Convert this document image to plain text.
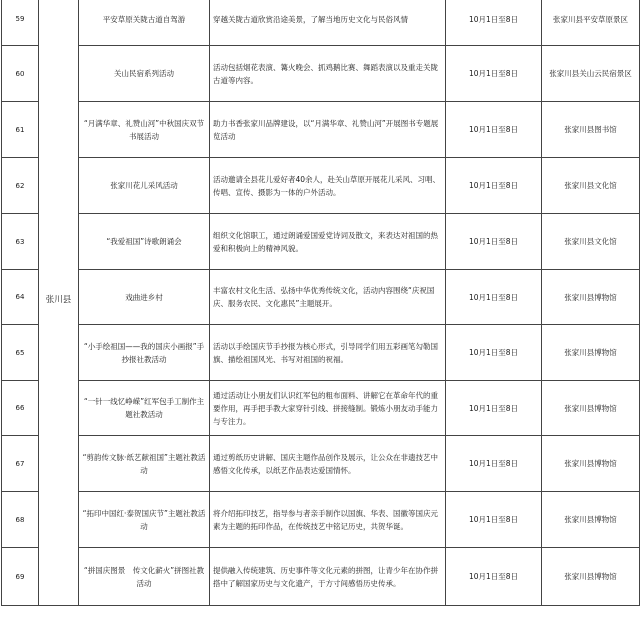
59	张川县	平安草原关陇古道自驾游	穿越关陇古道欣赏沿途美景，了解当地历史文化与民俗风情	10月1日至8日	张家川县平安草原景区
60		关山民宿系列活动	活动包括烟花表演、篝火晚会、抓鸡鹅比赛、舞蹈表演以及重走关陇古道等内容。	10月1日至8日	张家川县关山云民宿景区
61		“月满华章、礼赞山河”中秋国庆双节书展活动	助力书香张家川品牌建设，以“月满华章、礼赞山河”开展图书专题展览活动	10月1日至8日	张家川县图书馆
62		张家川花儿采风活动	活动邀请全县花儿爱好者40余人，赴关山草原开展花儿采风、习唱、传唱、宣传、摄影为一体的户外活动。	10月1日至8日	张家川县文化馆
63		“我爱祖国”诗歌朗诵会	组织文化馆职工，通过朗诵爱国爱党诗词及散文，来表达对祖国的热爱和积极向上的精神风貌。	10月1日至8日	张家川县文化馆
64		戏曲进乡村	丰富农村文化生活、弘扬中华优秀传统文化，活动内容围绕“庆祝国庆、服务农民、文化惠民”主题展开。	10月1日至8日	张家川县博物馆
65		“小手绘祖国——我的国庆小画报”手抄报社教活动	活动以手绘国庆节手抄报为核心形式，引导同学们用五彩画笔勾勒国旗、描绘祖国风光、书写对祖国的祝福。	10月1日至8日	张家川县博物馆
66		“一针一线忆峥嵘”红军包手工制作主题社教活动	通过活动让小朋友们认识红军包的粗布面料、讲解它在革命年代的重要作用，再手把手教大家穿针引线、拼接缝制。锻炼小朋友动手能力与专注力。	10月1日至8日	张家川县博物馆
67		“剪韵传文脉·纸艺献祖国”主题社教活动	通过剪纸历史讲解、国庆主题作品创作及展示，让公众在非遗技艺中感悟文化传承，以纸艺作品表达爱国情怀。	10月1日至8日	张家川县博物馆
68		“拓印中国红·泰贺国庆节”主题社教活动	将介绍拓印技艺，指导参与者亲手制作以国旗、华表、国徽等国庆元素为主题的拓印作品，在传统技艺中铭记历史，共贺华诞。	10月1日至8日	张家川县博物馆
69		“拼国庆图景　传文化薪火”拼图社教活动	提供融入传统建筑、历史事件等文化元素的拼图，让青少年在协作拼搭中了解国家历史与文化遗产，于方寸间感悟历史传承。	10月1日至8日	张家川县博物馆
